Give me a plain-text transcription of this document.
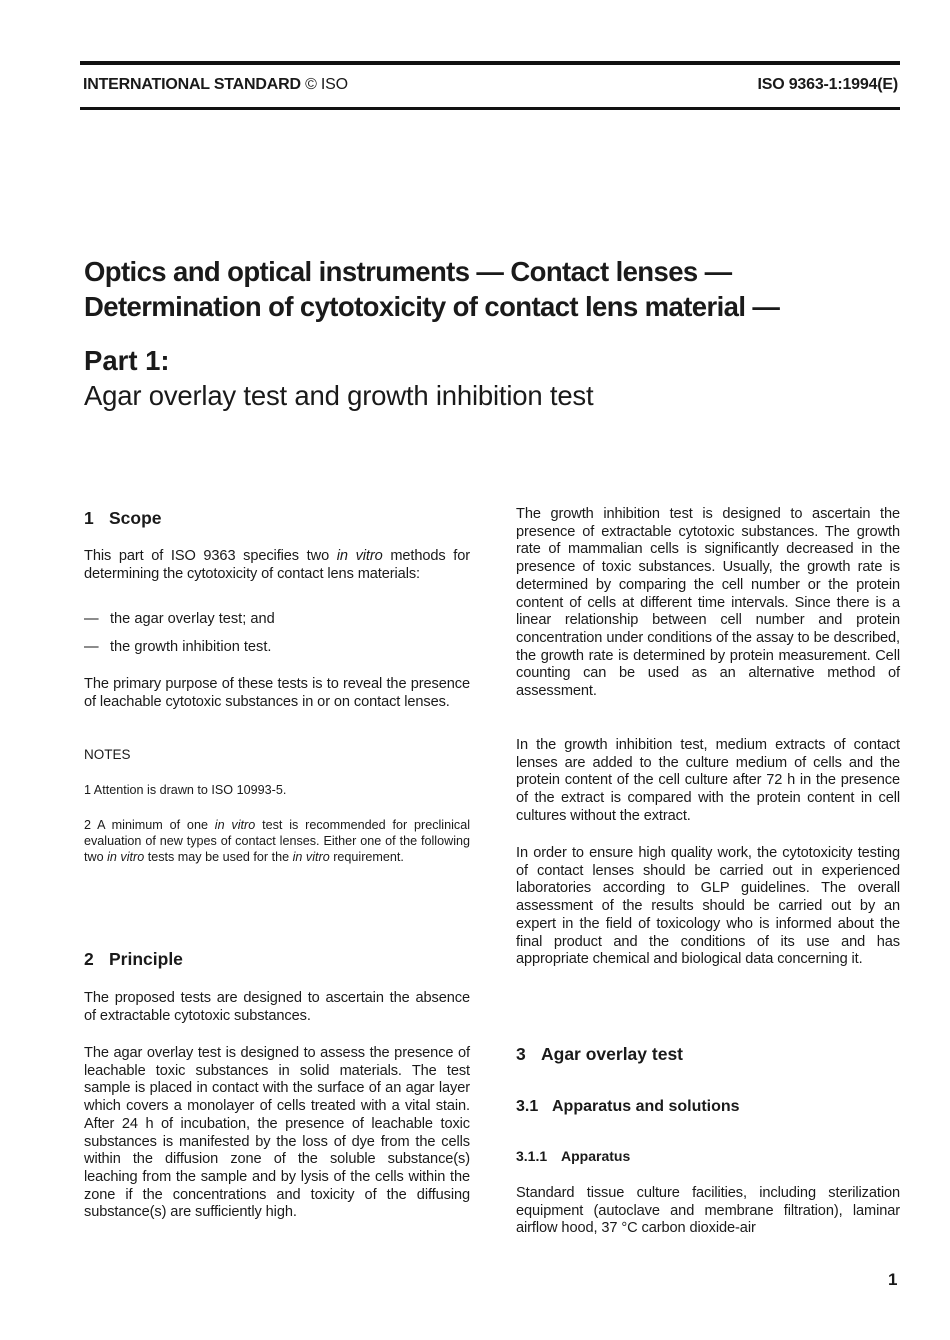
INTERNATIONAL STANDARD © ISO	ISO 9363-1:1994(E)
Optics and optical instruments — Contact lenses —
Determination of cytotoxicity of contact lens material —
Part 1:
Agar overlay test and growth inhibition test

1 Scope

This part of ISO 9363 specifies two in vitro methods for determining the cytotoxicity of contact lens materials:

— the agar overlay test; and

— the growth inhibition test.

The primary purpose of these tests is to reveal the presence of leachable cytotoxic substances in or on contact lenses.

NOTES

1 Attention is drawn to ISO 10993-5.

2 A minimum of one in vitro test is recommended for preclinical evaluation of new types of contact lenses. Either one of the following two in vitro tests may be used for the in vitro requirement.

2 Principle

The proposed tests are designed to ascertain the absence of extractable cytotoxic substances.

The agar overlay test is designed to assess the presence of leachable toxic substances in solid materials. The test sample is placed in contact with the surface of an agar layer which covers a monolayer of cells treated with a vital stain. After 24 h of incubation, the presence of leachable toxic substances is manifested by the loss of dye from the cells within the diffusion zone of the soluble substance(s) leaching from the sample and by lysis of the cells within the zone if the concentrations and toxicity of the diffusing substance(s) are sufficiently high.

The growth inhibition test is designed to ascertain the presence of extractable cytotoxic substances. The growth rate of mammalian cells is significantly decreased in the presence of toxic substances. Usually, the growth rate is determined by comparing the cell number or the protein content of cells at different time intervals. Since there is a linear relationship between cell number and protein concentration under conditions of the assay to be described, the growth rate is determined by protein measurement. Cell counting can be used as an alternative method of assessment.

In the growth inhibition test, medium extracts of contact lenses are added to the culture medium of cells and the protein content of the cell culture after 72 h in the presence of the extract is compared with the protein content in cell cultures without the extract.

In order to ensure high quality work, the cytotoxicity testing of contact lenses should be carried out in experienced laboratories according to GLP guidelines. The overall assessment of the results should be carried out by an expert in the field of toxicology who is informed about the final product and the conditions of its use and has appropriate chemical and biological data concerning it.

3 Agar overlay test

3.1 Apparatus and solutions

3.1.1 Apparatus

Standard tissue culture facilities, including sterilization equipment (autoclave and membrane filtration), laminar airflow hood, 37 °C carbon dioxide-air

1
